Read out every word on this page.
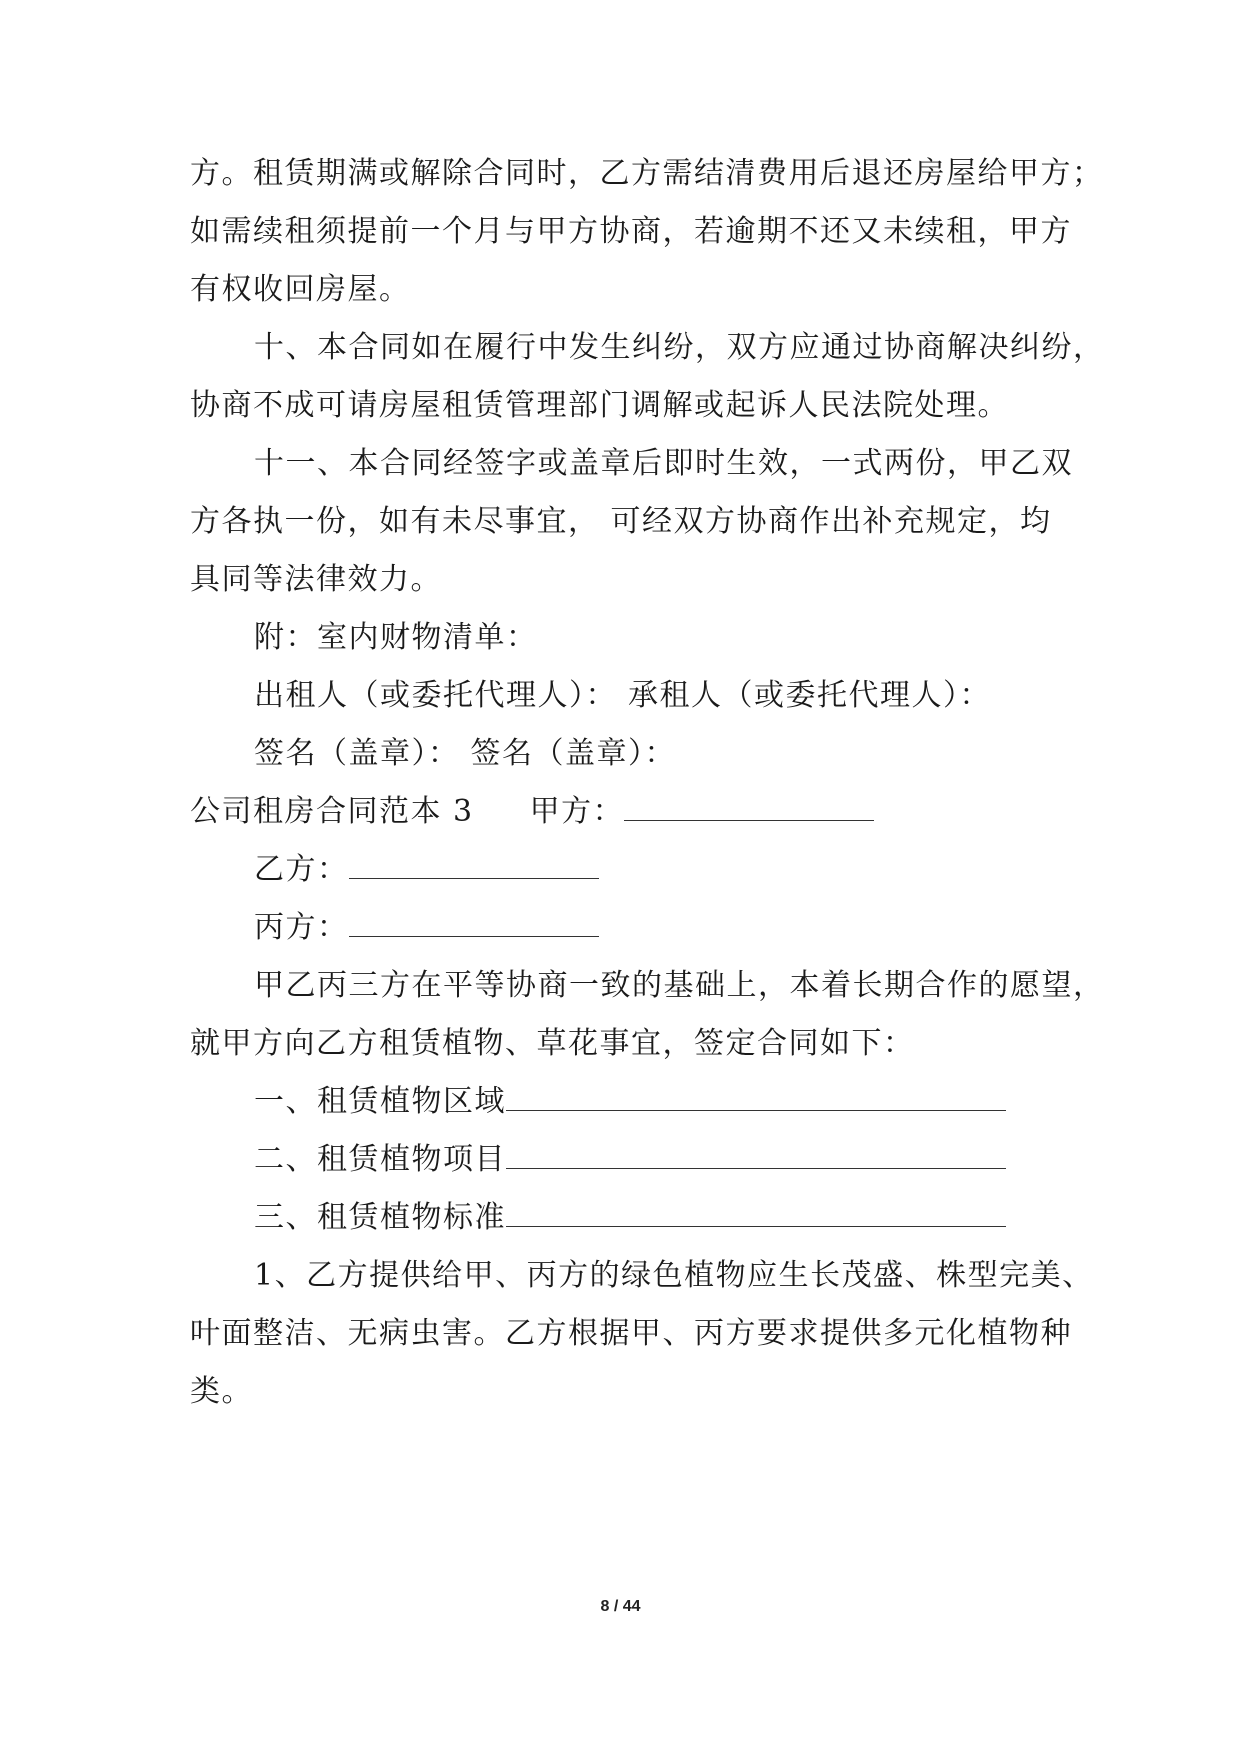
方。租赁期满或解除合同时，乙方需结清费用后退还房屋给甲方；
如需续租须提前一个月与甲方协商，若逾期不还又未续租，甲方
有权收回房屋。
十、本合同如在履行中发生纠纷，双方应通过协商解决纠纷，
协商不成可请房屋租赁管理部门调解或起诉人民法院处理。
十一、本合同经签字或盖章后即时生效，一式两份，甲乙双
方各执一份，如有未尽事宜， 可经双方协商作出补充规定，均
具同等法律效力。
附：室内财物清单：
出租人（或委托代理人）： 承租人（或委托代理人）：
签名（盖章）： 签名（盖章）：
公司租房合同范本 3 甲方：
乙方：
丙方：
甲乙丙三方在平等协商一致的基础上，本着长期合作的愿望，
就甲方向乙方租赁植物、草花事宜，签定合同如下：
一、租赁植物区域
二、租赁植物项目
三、租赁植物标准
1、乙方提供给甲、丙方的绿色植物应生长茂盛、株型完美、
叶面整洁、无病虫害。乙方根据甲、丙方要求提供多元化植物种
类。
8 / 44
